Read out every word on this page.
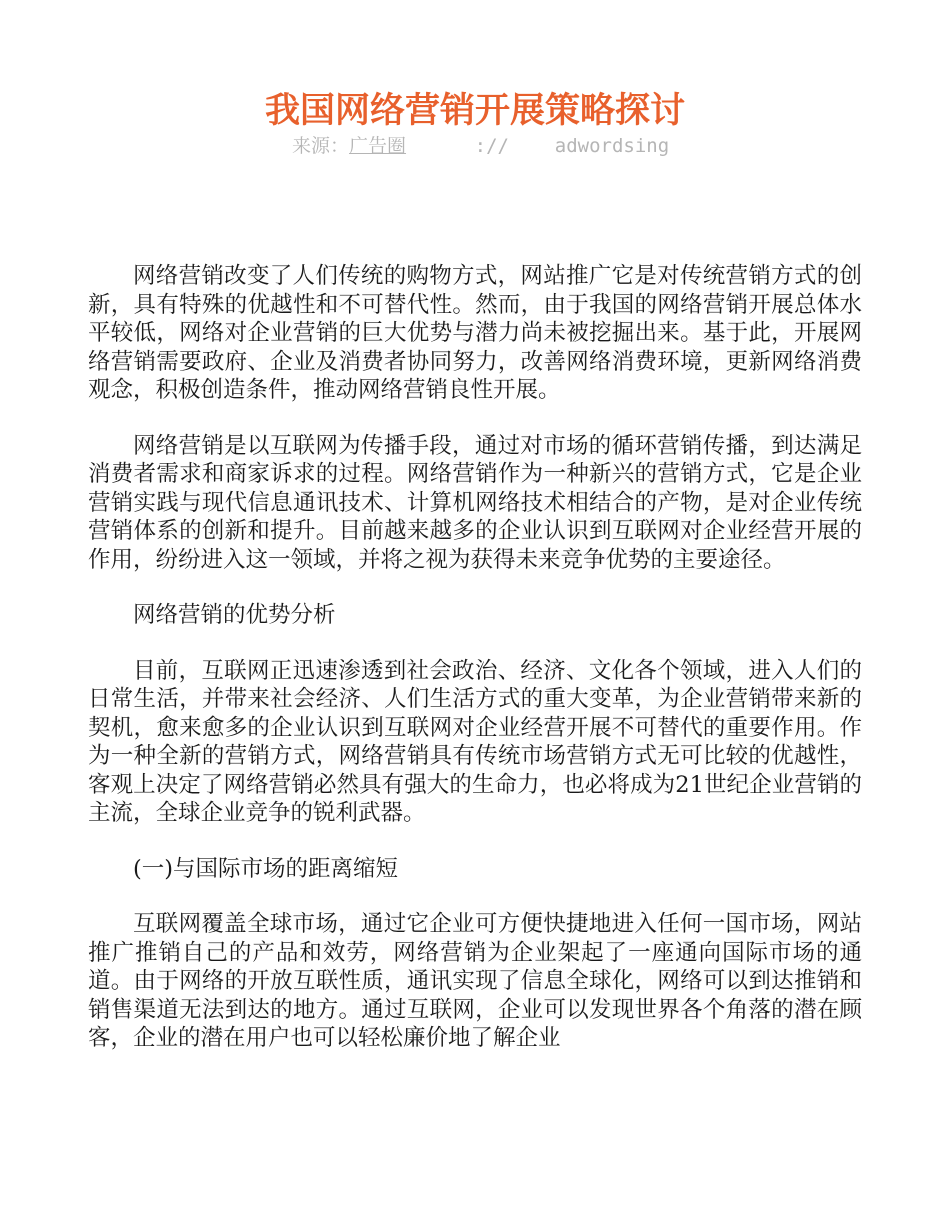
我国网络营销开展策略探讨
来源：广告圈	:// adwordsing

网络营销改变了人们传统的购物方式，网站推广它是对传统营销方式的创新，具有特殊的优越性和不可替代性。然而，由于我国的网络营销开展总体水平较低，网络对企业营销的巨大优势与潜力尚未被挖掘出来。基于此，开展网络营销需要政府、企业及消费者协同努力，改善网络消费环境，更新网络消费观念，积极创造条件，推动网络营销良性开展。

网络营销是以互联网为传播手段，通过对市场的循环营销传播，到达满足消费者需求和商家诉求的过程。网络营销作为一种新兴的营销方式，它是企业营销实践与现代信息通讯技术、计算机网络技术相结合的产物，是对企业传统营销体系的创新和提升。目前越来越多的企业认识到互联网对企业经营开展的作用，纷纷进入这一领域，并将之视为获得未来竞争优势的主要途径。

网络营销的优势分析

目前，互联网正迅速渗透到社会政治、经济、文化各个领域，进入人们的日常生活，并带来社会经济、人们生活方式的重大变革，为企业营销带来新的契机，愈来愈多的企业认识到互联网对企业经营开展不可替代的重要作用。作为一种全新的营销方式，网络营销具有传统市场营销方式无可比较的优越性，客观上决定了网络营销必然具有强大的生命力，也必将成为21世纪企业营销的主流，全球企业竞争的锐利武器。

(一)与国际市场的距离缩短

互联网覆盖全球市场，通过它企业可方便快捷地进入任何一国市场，网站推广推销自己的产品和效劳，网络营销为企业架起了一座通向国际市场的通道。由于网络的开放互联性质，通讯实现了信息全球化，网络可以到达推销和销售渠道无法到达的地方。通过互联网，企业可以发现世界各个角落的潜在顾客，企业的潜在用户也可以轻松廉价地了解企业
